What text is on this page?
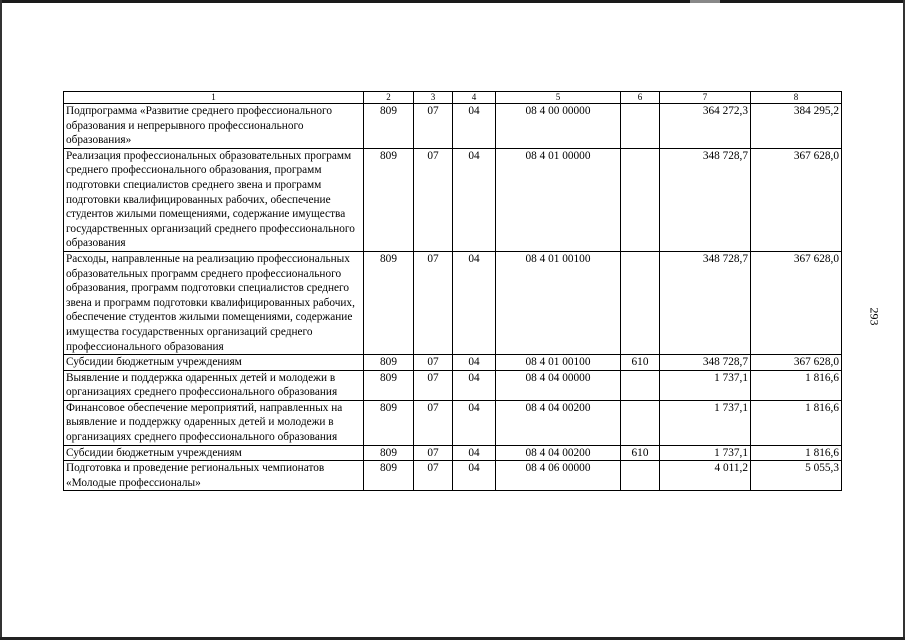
293
1	2	3	4	5	6	7	8
Подпрограмма «Развитие среднего профессионального образования и непрерывного профессионального образования»	809	07	04	08 4 00 00000		364 272,3	384 295,2
Реализация профессиональных образовательных программ среднего профессионального образования, программ подготовки специалистов среднего звена и программ подготовки квалифицированных рабочих, обеспечение студентов жилыми помещениями, содержание имущества государственных организаций среднего профессионального образования	809	07	04	08 4 01 00000		348 728,7	367 628,0
Расходы, направленные на реализацию профессиональных образовательных программ среднего профессионального образования, программ подготовки специалистов среднего звена и программ подготовки квалифицированных рабочих, обеспечение студентов жилыми помещениями, содержание имущества государственных организаций среднего профессионального образования	809	07	04	08 4 01 00100		348 728,7	367 628,0
Субсидии бюджетным учреждениям	809	07	04	08 4 01 00100	610	348 728,7	367 628,0
Выявление и поддержка одаренных детей и молодежи в организациях среднего профессионального образования	809	07	04	08 4 04 00000		1 737,1	1 816,6
Финансовое обеспечение мероприятий, направленных на выявление и поддержку одаренных детей и молодежи в организациях среднего профессионального образования	809	07	04	08 4 04 00200		1 737,1	1 816,6
Субсидии бюджетным учреждениям	809	07	04	08 4 04 00200	610	1 737,1	1 816,6
Подготовка и проведение региональных чемпионатов «Молодые профессионалы»	809	07	04	08 4 06 00000		4 011,2	5 055,3
